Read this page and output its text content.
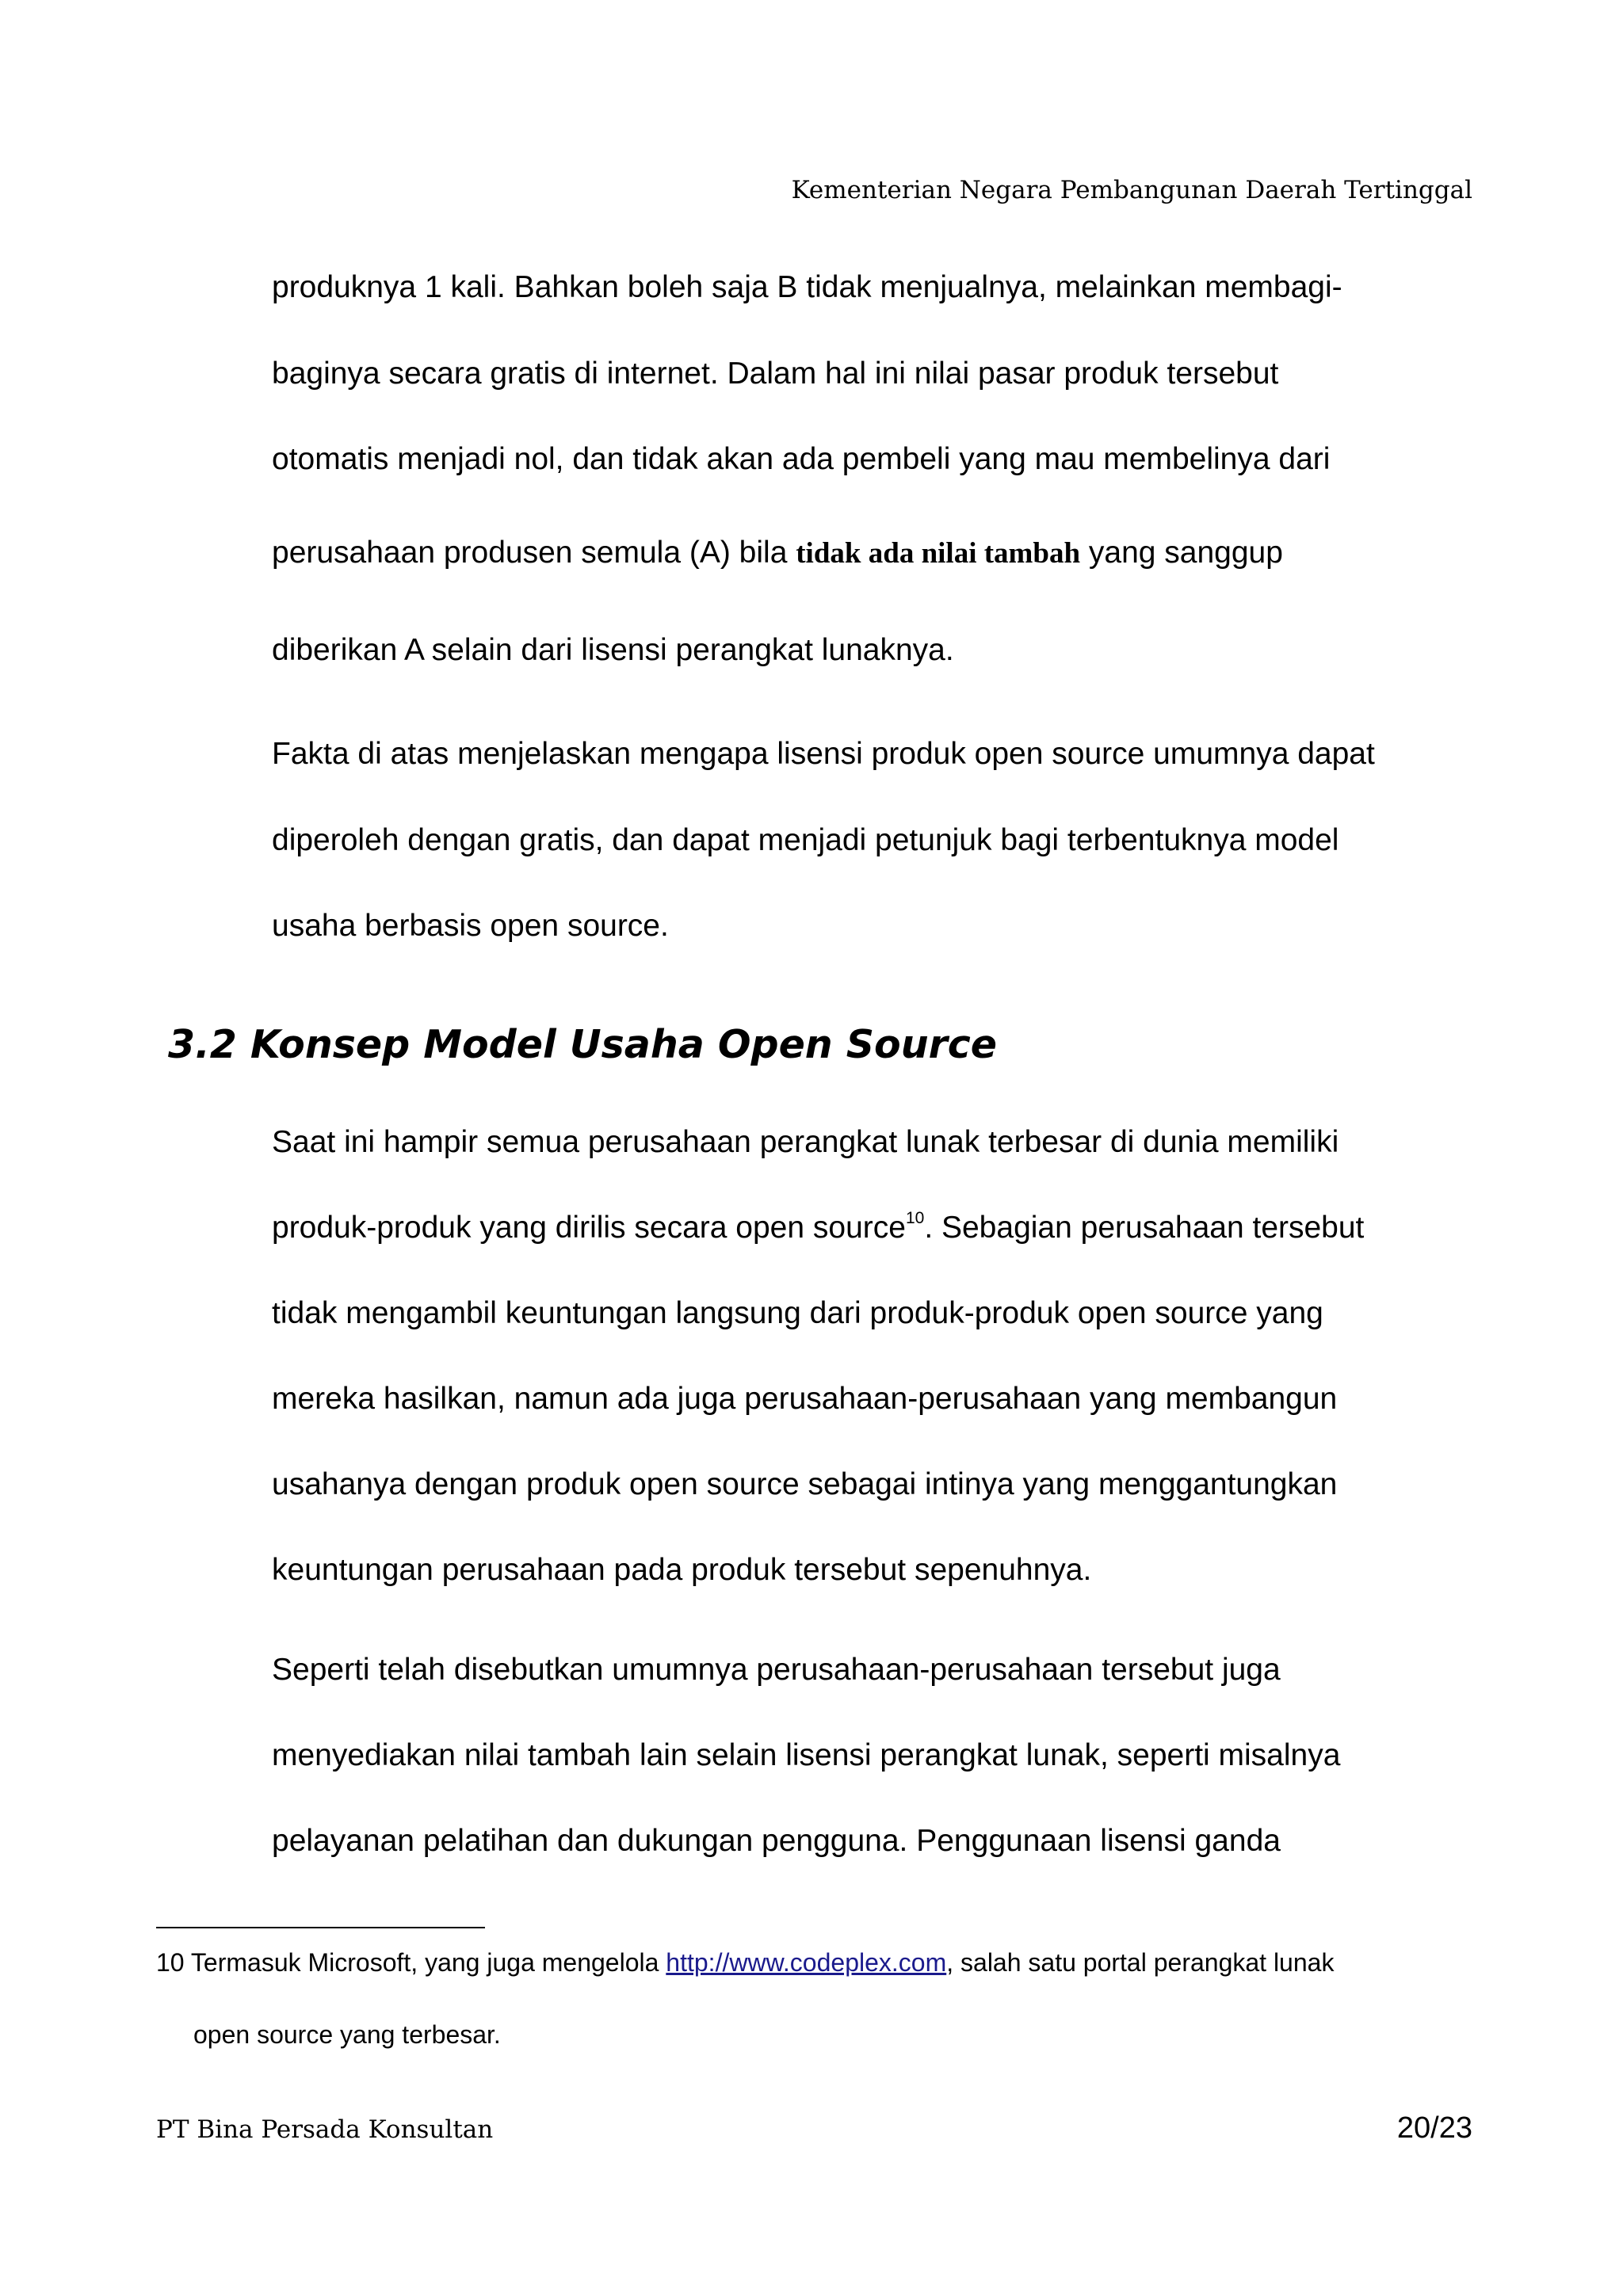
Kementerian Negara Pembangunan Daerah Tertinggal
produknya 1 kali. Bahkan boleh saja B tidak menjualnya, melainkan membagi-
baginya secara gratis di internet. Dalam hal ini nilai pasar produk tersebut
otomatis menjadi nol, dan tidak akan ada pembeli yang mau membelinya dari
perusahaan produsen semula (A) bila tidak ada nilai tambah yang sanggup
diberikan A selain dari lisensi perangkat lunaknya.
Fakta di atas menjelaskan mengapa lisensi produk open source umumnya dapat
diperoleh dengan gratis, dan dapat menjadi petunjuk bagi terbentuknya model
usaha berbasis open source.
3.2 Konsep Model Usaha Open Source
Saat ini hampir semua perusahaan perangkat lunak terbesar di dunia memiliki
produk-produk yang dirilis secara open source$^{10}$. Sebagian perusahaan tersebut
tidak mengambil keuntungan langsung dari produk-produk open source yang
mereka hasilkan, namun ada juga perusahaan-perusahaan yang membangun
usahanya dengan produk open source sebagai intinya yang menggantungkan
keuntungan perusahaan pada produk tersebut sepenuhnya.
Seperti telah disebutkan umumnya perusahaan-perusahaan tersebut juga
menyediakan nilai tambah lain selain lisensi perangkat lunak, seperti misalnya
pelayanan pelatihan dan dukungan pengguna. Penggunaan lisensi ganda
10 Termasuk Microsoft, yang juga mengelola http://www.codeplex.com, salah satu portal perangkat lunak
open source yang terbesar.
PT Bina Persada Konsultan	20/23
